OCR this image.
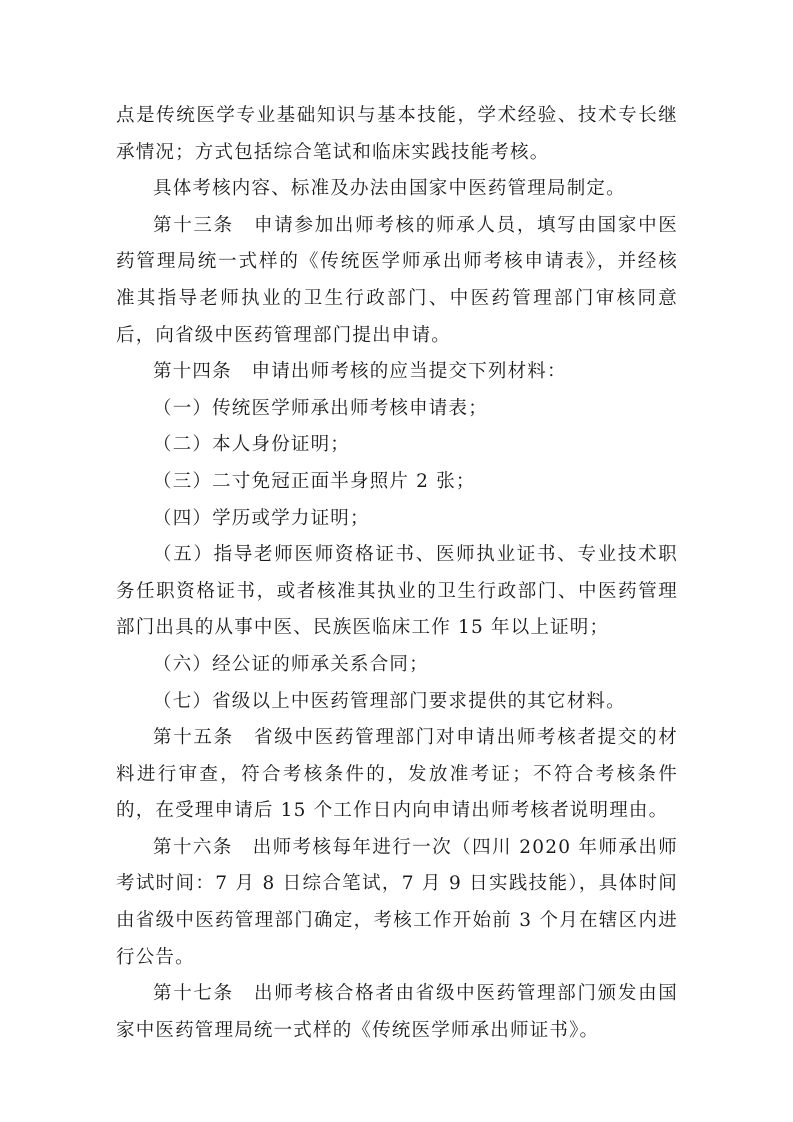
点是传统医学专业基础知识与基本技能，学术经验、技术专长继承情况；方式包括综合笔试和临床实践技能考核。

具体考核内容、标准及办法由国家中医药管理局制定。

第十三条　申请参加出师考核的师承人员，填写由国家中医药管理局统一式样的《传统医学师承出师考核申请表》，并经核准其指导老师执业的卫生行政部门、中医药管理部门审核同意后，向省级中医药管理部门提出申请。

第十四条　申请出师考核的应当提交下列材料：

（一）传统医学师承出师考核申请表；

（二）本人身份证明；

（三）二寸免冠正面半身照片 2 张；

（四）学历或学力证明；

（五）指导老师医师资格证书、医师执业证书、专业技术职务任职资格证书，或者核准其执业的卫生行政部门、中医药管理部门出具的从事中医、民族医临床工作 15 年以上证明；

（六）经公证的师承关系合同；

（七）省级以上中医药管理部门要求提供的其它材料。

第十五条　省级中医药管理部门对申请出师考核者提交的材料进行审查，符合考核条件的，发放准考证；不符合考核条件的，在受理申请后 15 个工作日内向申请出师考核者说明理由。

第十六条　出师考核每年进行一次（四川 2020 年师承出师考试时间：7 月 8 日综合笔试，7 月 9 日实践技能），具体时间由省级中医药管理部门确定，考核工作开始前 3 个月在辖区内进行公告。

第十七条　出师考核合格者由省级中医药管理部门颁发由国家中医药管理局统一式样的《传统医学师承出师证书》。
